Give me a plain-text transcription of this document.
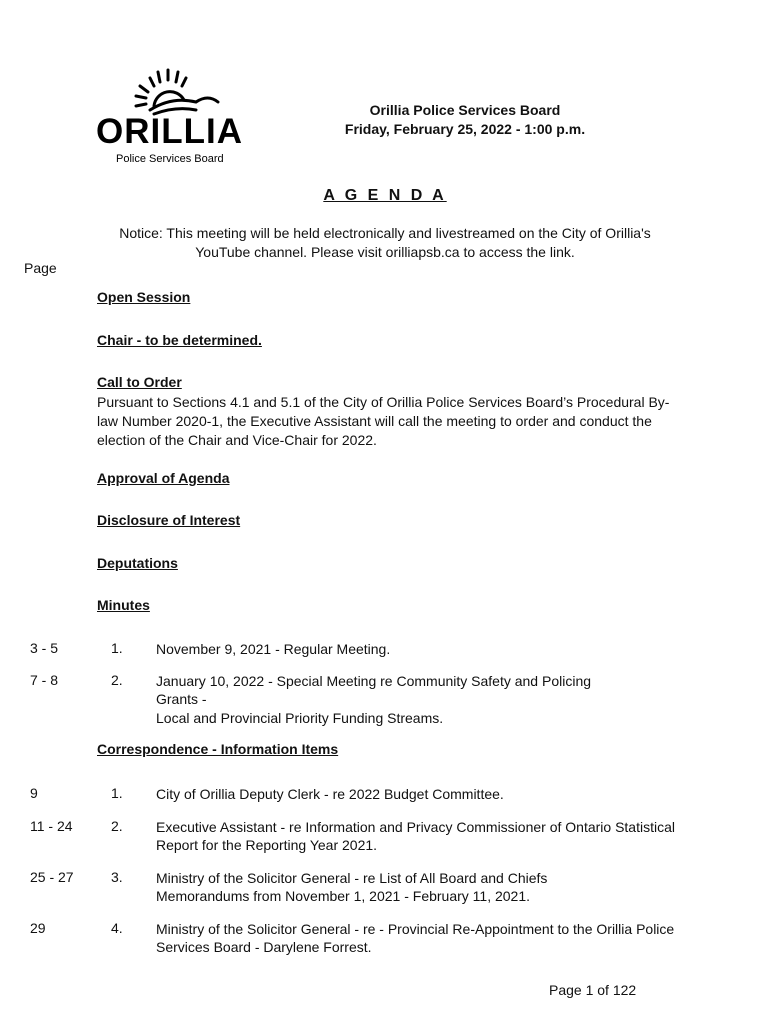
ORILLIA
Police Services Board
Orillia Police Services Board
Friday, February 25, 2022 - 1:00 p.m.
A G E N D A
Notice: This meeting will be held electronically and livestreamed on the City of Orillia's YouTube channel. Please visit orilliapsb.ca to access the link.
Page
Open Session
Chair - to be determined.
Call to Order
Pursuant to Sections 4.1 and 5.1 of the City of Orillia Police Services Board’s Procedural By-law Number 2020-1, the Executive Assistant will call the meeting to order and conduct the election of the Chair and Vice-Chair for 2022.
Approval of Agenda
Disclosure of Interest
Deputations
Minutes
3 - 5	1. November 9, 2021 - Regular Meeting.
7 - 8	2. January 10, 2022 - Special Meeting re Community Safety and Policing Grants -
Local and Provincial Priority Funding Streams.
Correspondence - Information Items
9	1. City of Orillia Deputy Clerk - re 2022 Budget Committee.
11 - 24	2. Executive Assistant - re Information and Privacy Commissioner of Ontario Statistical Report for the Reporting Year 2021.
25 - 27	3. Ministry of the Solicitor General - re List of All Board and Chiefs Memorandums from November 1, 2021 - February 11, 2021.
29	4. Ministry of the Solicitor General - re - Provincial Re-Appointment to the Orillia Police Services Board - Darylene Forrest.
Page 1 of 122
